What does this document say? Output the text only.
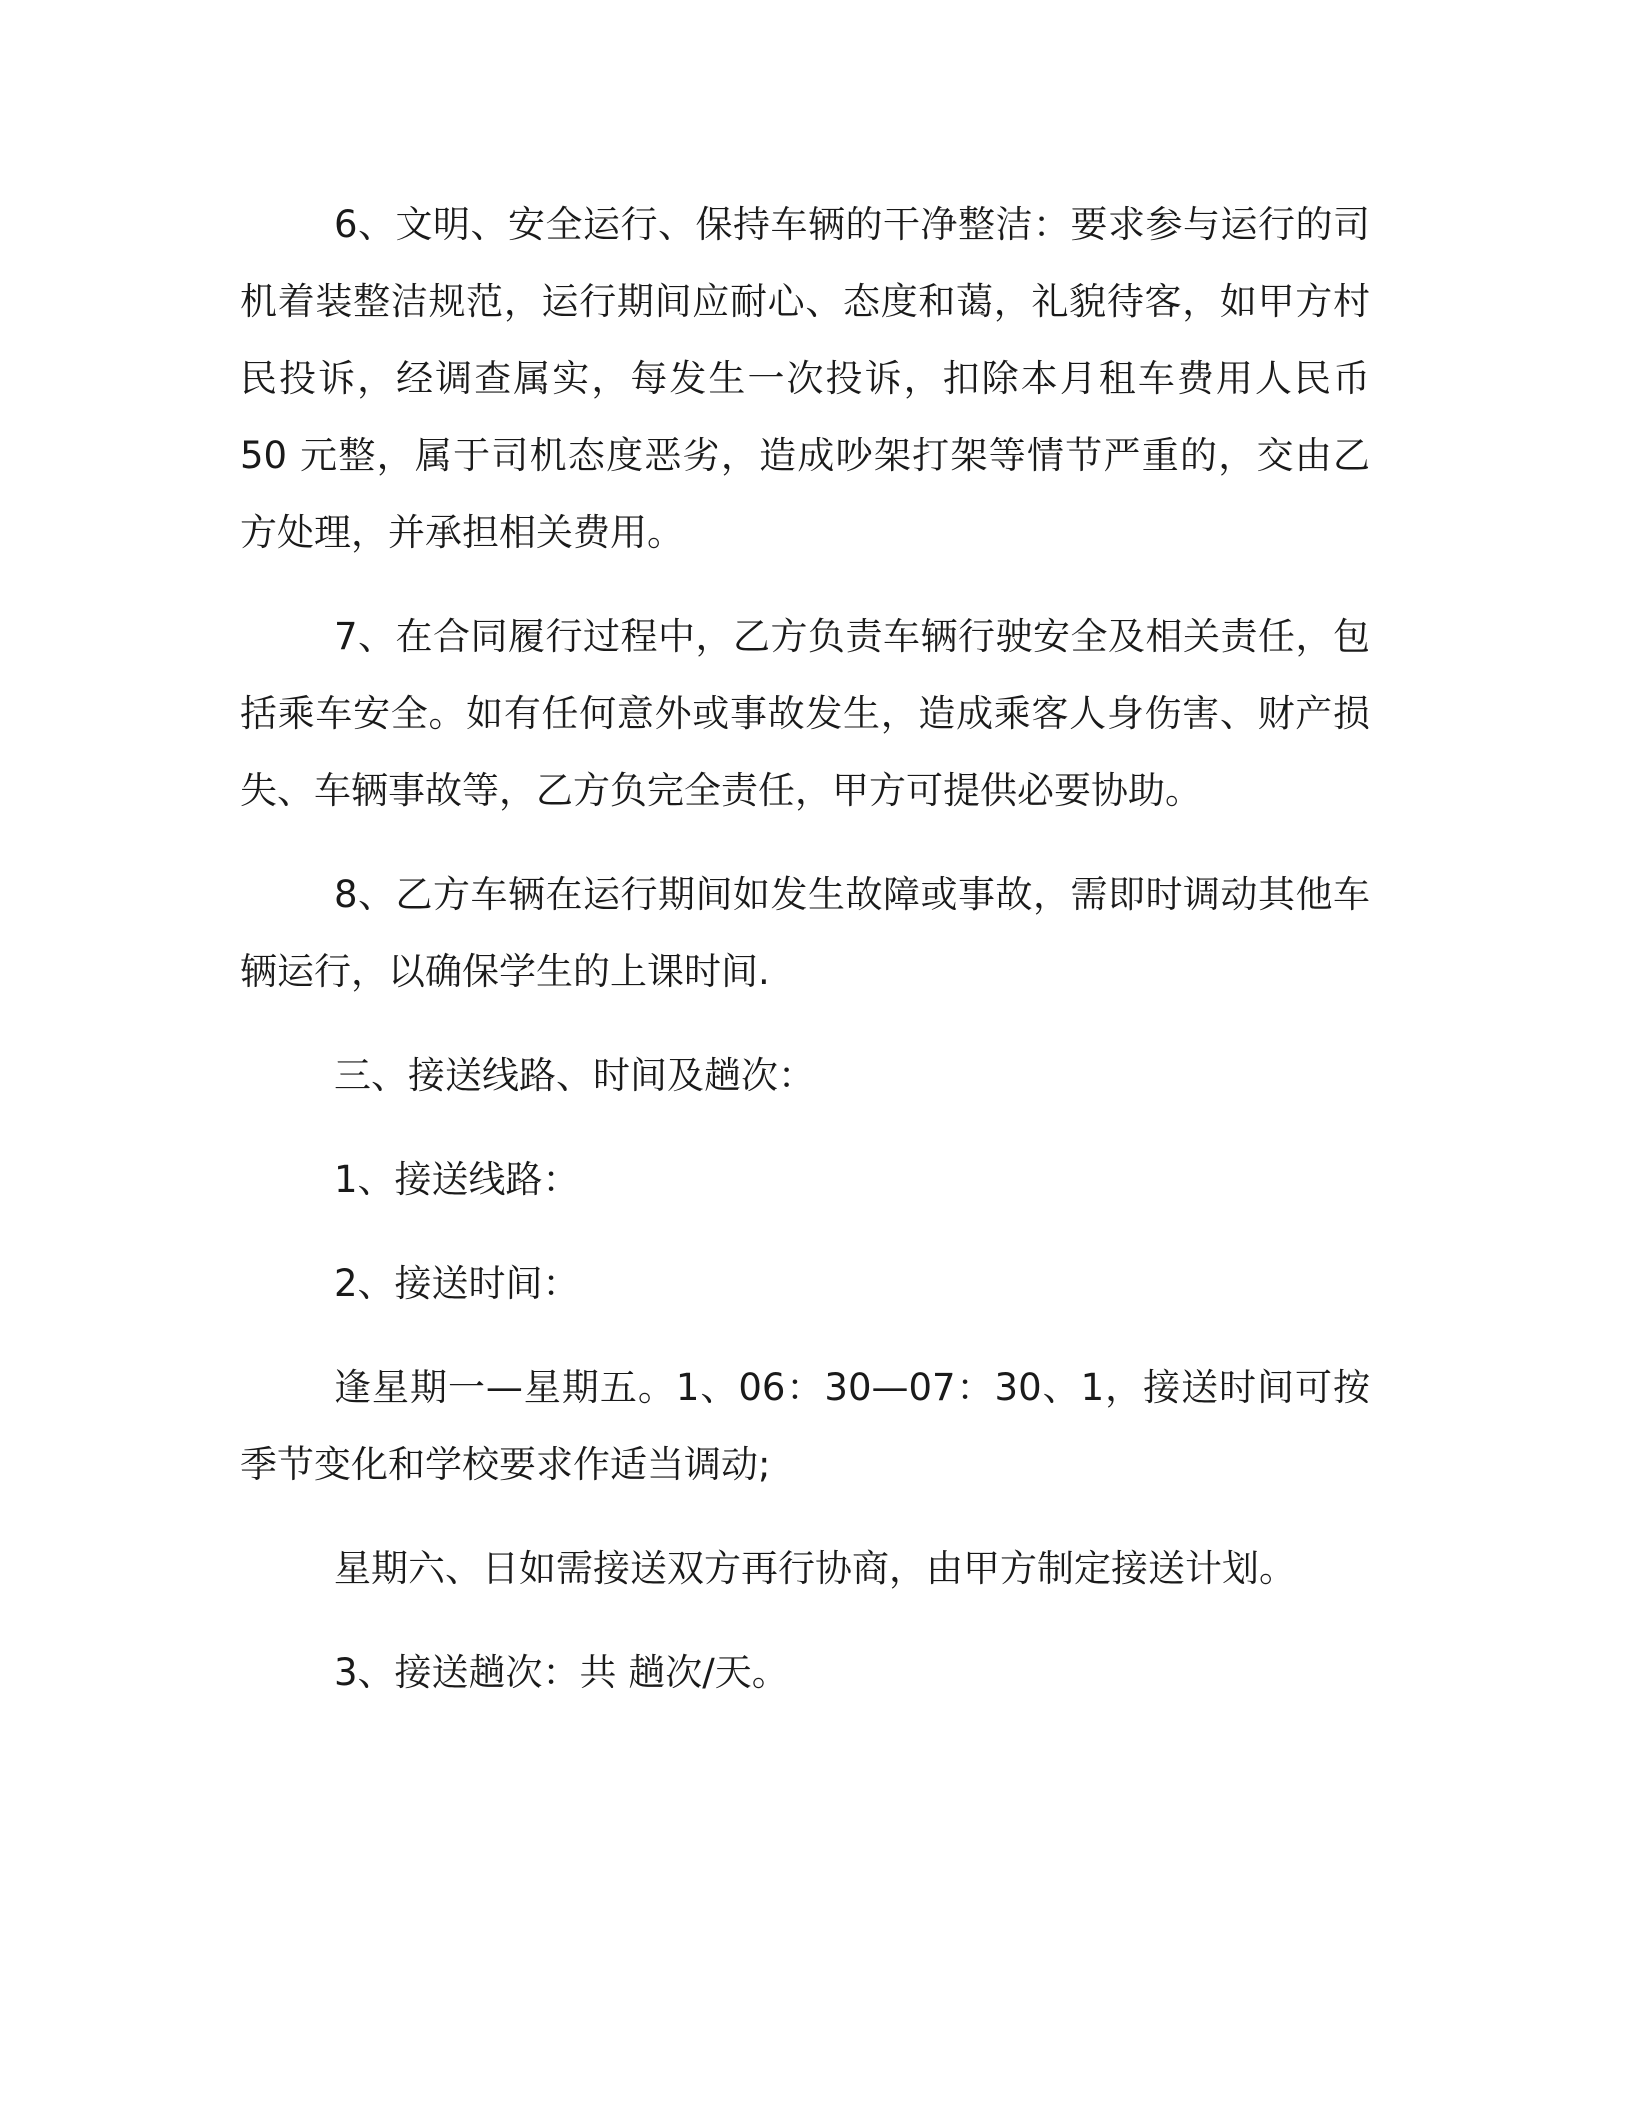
6、文明、安全运行、保持车辆的干净整洁：要求参与运行的司机着装整洁规范，运行期间应耐心、态度和蔼，礼貌待客，如甲方村民投诉，经调查属实，每发生一次投诉，扣除本月租车费用人民币 50 元整，属于司机态度恶劣，造成吵架打架等情节严重的，交由乙方处理，并承担相关费用。

7、在合同履行过程中，乙方负责车辆行驶安全及相关责任，包括乘车安全。如有任何意外或事故发生，造成乘客人身伤害、财产损失、车辆事故等，乙方负完全责任，甲方可提供必要协助。

8、乙方车辆在运行期间如发生故障或事故，需即时调动其他车辆运行，以确保学生的上课时间.

三、接送线路、时间及趟次：

1、接送线路：

2、接送时间：

逢星期一—星期五。1、06：30—07：30、1，接送时间可按季节变化和学校要求作适当调动;

星期六、日如需接送双方再行协商，由甲方制定接送计划。

3、接送趟次：共 趟次/天。
